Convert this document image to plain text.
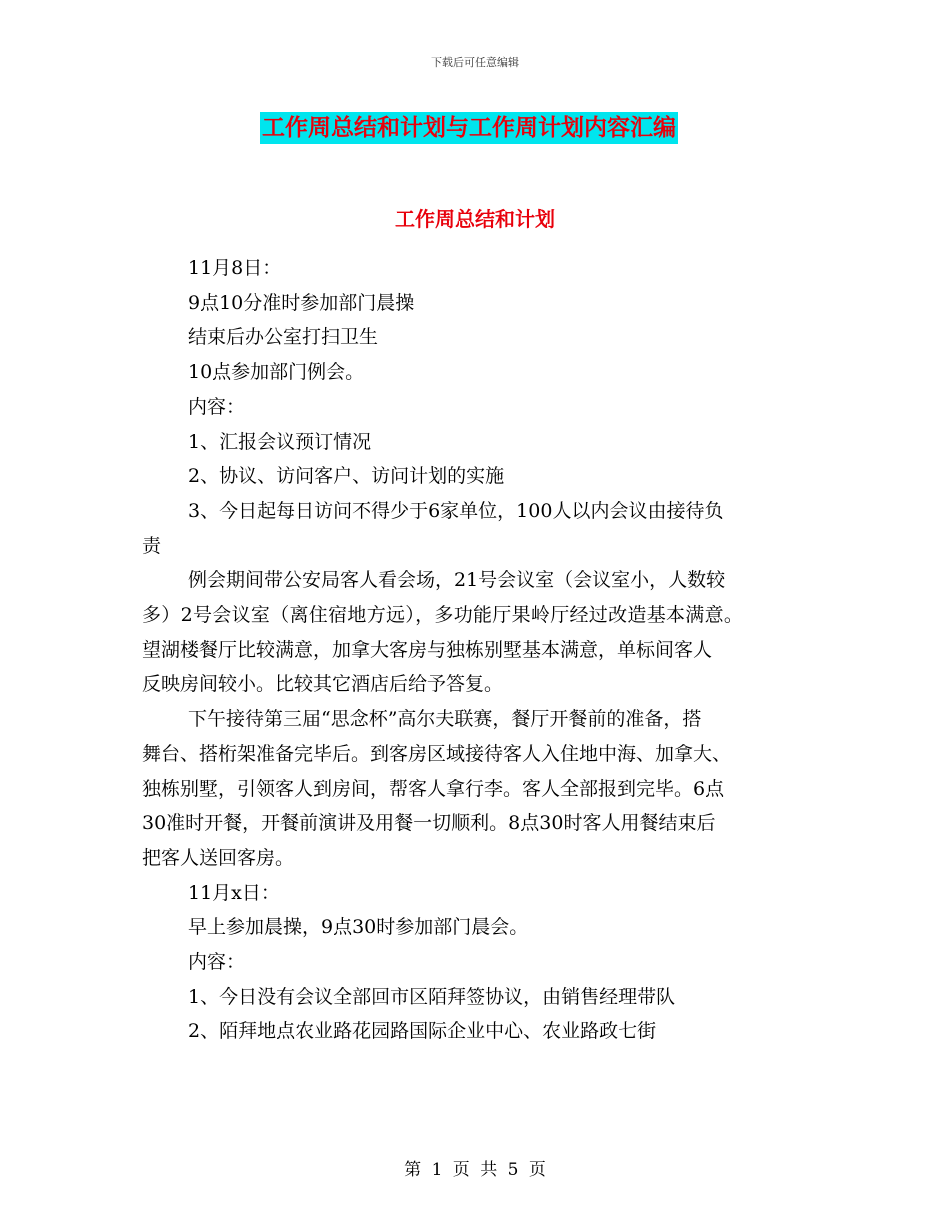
下载后可任意编辑
工作周总结和计划与工作周计划内容汇编
工作周总结和计划

11月8日：

9点10分准时参加部门晨操

结束后办公室打扫卫生

10点参加部门例会。

内容：

1、汇报会议预订情况

2、协议、访问客户、访问计划的实施

3、今日起每日访问不得少于6家单位，100人以内会议由接待负

责

例会期间带公安局客人看会场，21号会议室（会议室小，人数较

多）2号会议室（离住宿地方远），多功能厅果岭厅经过改造基本满意。

望湖楼餐厅比较满意，加拿大客房与独栋别墅基本满意，单标间客人

反映房间较小。比较其它酒店后给予答复。

下午接待第三届“思念杯”高尔夫联赛，餐厅开餐前的准备，搭

舞台、搭桁架准备完毕后。到客房区域接待客人入住地中海、加拿大、

独栋别墅，引领客人到房间，帮客人拿行李。客人全部报到完毕。6点

30准时开餐，开餐前演讲及用餐一切顺利。8点30时客人用餐结束后

把客人送回客房。

11月x日：

早上参加晨操，9点30时参加部门晨会。

内容：

1、今日没有会议全部回市区陌拜签协议，由销售经理带队

2、陌拜地点农业路花园路国际企业中心、农业路政七街

第 1 页 共 5 页
